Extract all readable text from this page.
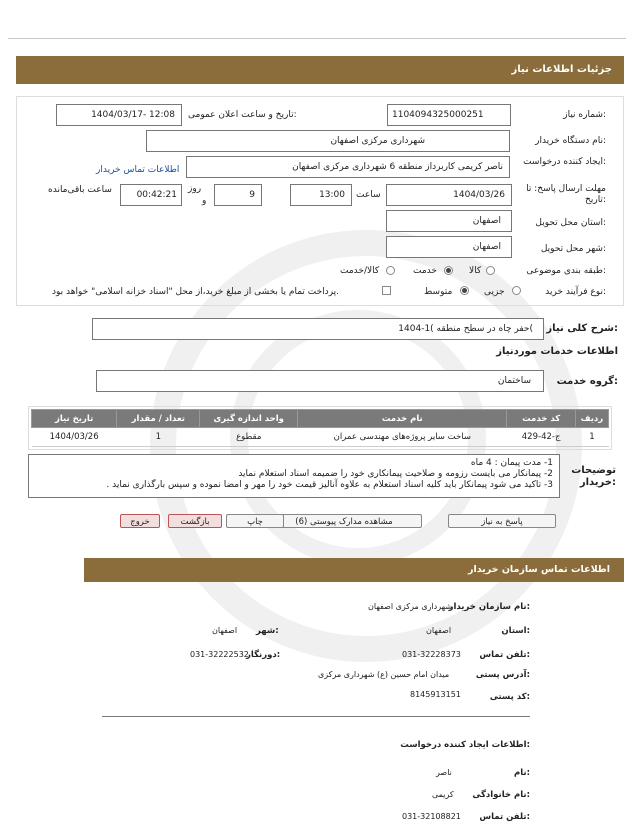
جزئیات اطلاعات نیاز
شماره نیاز:
1104094325000251
تاریخ و ساعت اعلان عمومی:
1404/03/17- 12:08
نام دستگاه خریدار:
شهرداری مرکزی اصفهان
ایجاد کننده درخواست:
ناصر کریمی کاربرداز منطقه 6 شهرداری مرکزی اصفهان
اطلاعات تماس خریدار
مهلت ارسال پاسخ: تا تاریخ:
1404/03/26
ساعت
13:00
9
روز
و
00:42:21
ساعت باقی‌مانده
استان محل تحویل:
اصفهان
شهر محل تحویل:
اصفهان
طبقه بندی موضوعی:
کالا
خدمت
کالا/خدمت
نوع فرآیند خرید:
جزیی
متوسط
پرداخت تمام یا بخشی از مبلغ خرید،از محل "اسناد خزانه اسلامی" خواهد بود.
شرح کلی نیاز:
حفر چاه در سطح منطقه )1-1404(
اطلاعات خدمات موردنیاز
گروه خدمت:
ساختمان
ردیف	کد خدمت	نام خدمت	واحد اندازه گیری	تعداد / مقدار	تاریخ نیاز
1	ج-42-429	ساخت سایر پروژه‌های مهندسی عمران	مقطوع	1	1404/03/26
توضیحات خریدار:
1- مدت پیمان : 4 ماه
2- پیمانکار می بایست رزومه و صلاحیت پیمانکاری خود را ضمیمه اسناد استعلام نماید
3- تاکید می شود پیمانکار باید کلیه اسناد استعلام به علاوه آنالیز قیمت خود را مهر و امضا نموده و سپس بارگذاری نماید .
پاسخ به نیاز
مشاهده مدارک پیوستی (6)
چاپ
بازگشت
خروج
اطلاعات تماس سازمان خریدار
نام سازمان خریدار:
شهرداری مرکزی اصفهان
استان:
اصفهان
شهر:
اصفهان
تلفن تماس:
031-32228373
دورنگار:
031-32222532
آدرس پستی:
میدان امام حسین (ع) شهرداری مرکزی
کد پستی:
8145913151
اطلاعات ایجاد کننده درخواست:
نام:
ناصر
نام خانوادگی:
کریمی
تلفن تماس:
031-32108821
